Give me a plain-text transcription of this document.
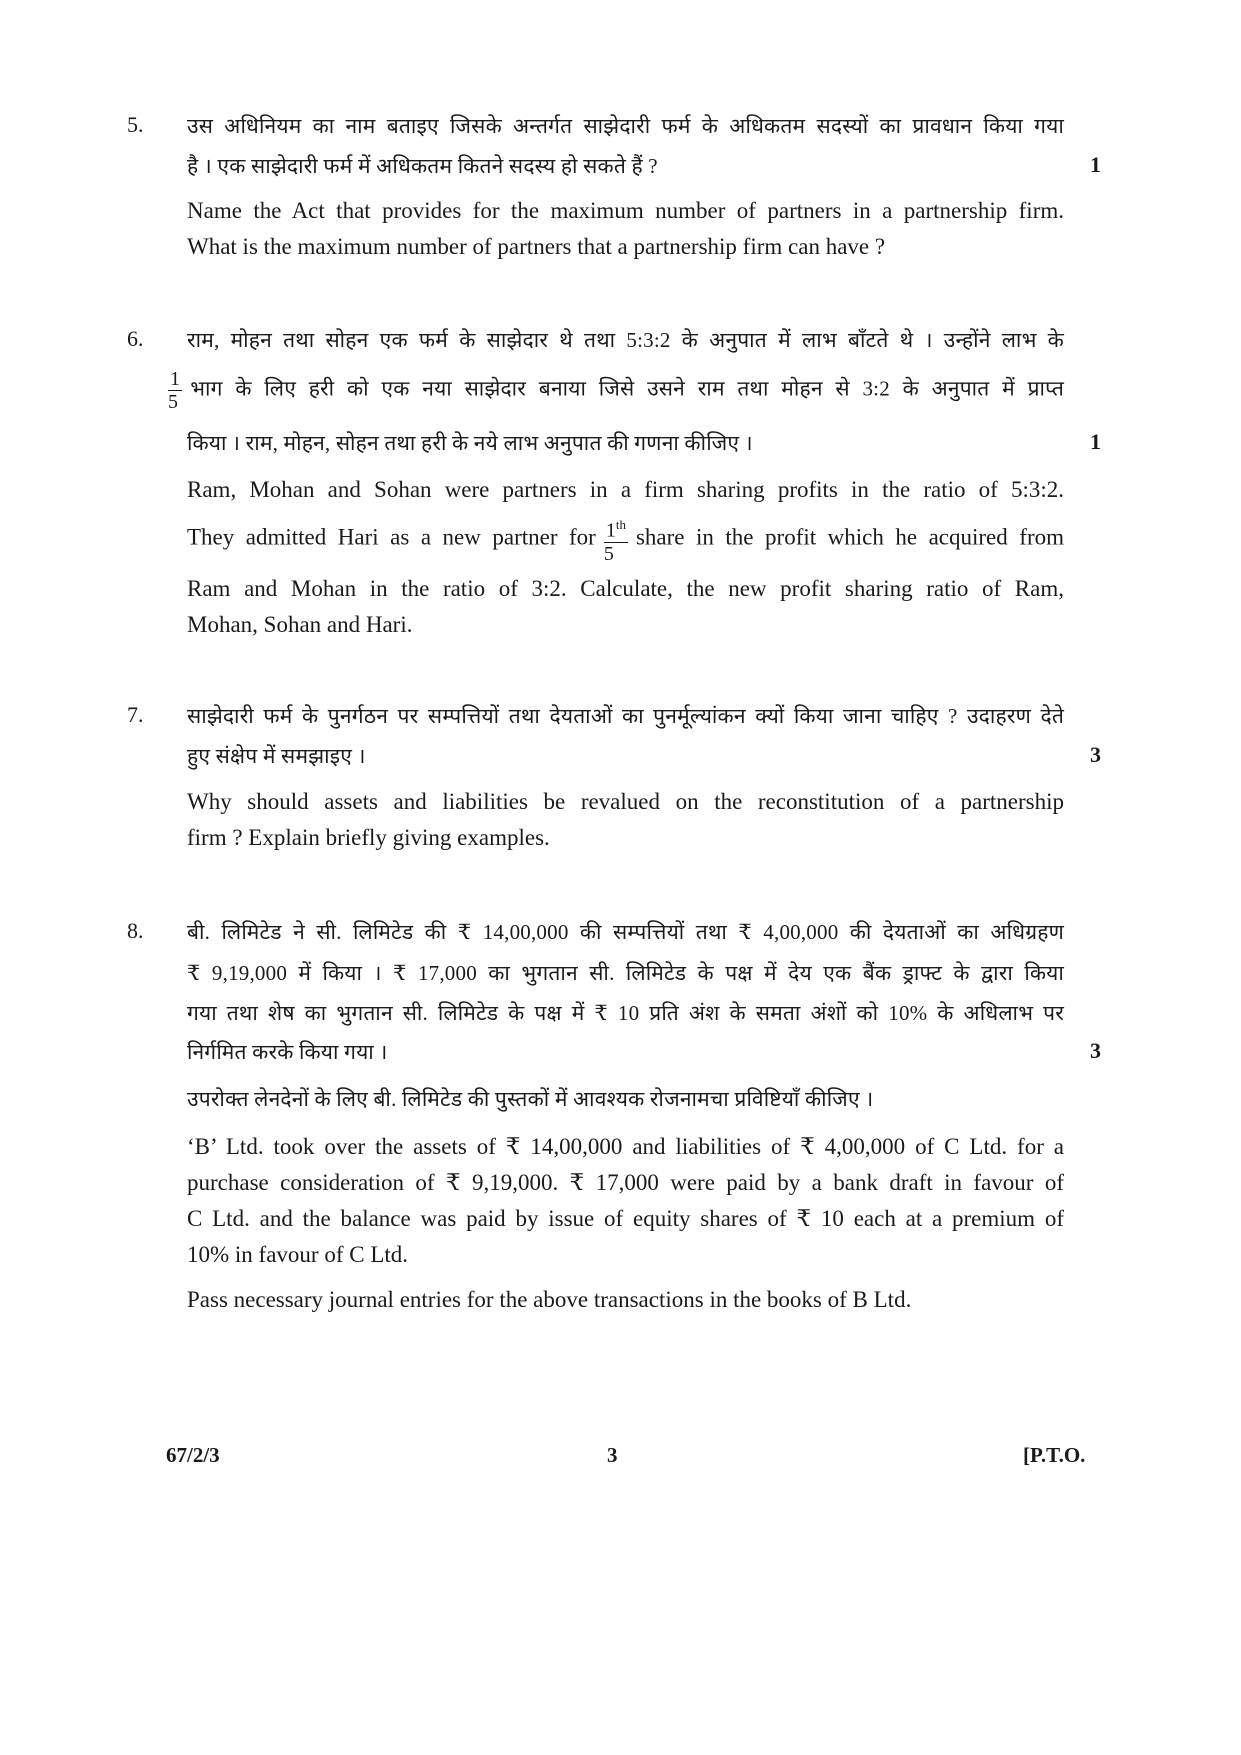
5. उस अधिनियम का नाम बताइए जिसके अन्तर्गत साझेदारी फर्म के अधिकतम सदस्यों का प्रावधान किया गया
है । एक साझेदारी फर्म में अधिकतम कितने सदस्य हो सकते हैं ?	1
Name the Act that provides for the maximum number of partners in a partnership firm.
What is the maximum number of partners that a partnership firm can have ?
6. राम, मोहन तथा सोहन एक फर्म के साझेदार थे तथा 5:3:2 के अनुपात में लाभ बाँटते थे । उन्होंने लाभ के
$\frac{1}{5}$ भाग के लिए हरी को एक नया साझेदार बनाया जिसे उसने राम तथा मोहन से 3:2 के अनुपात में प्राप्त
किया । राम, मोहन, सोहन तथा हरी के नये लाभ अनुपात की गणना कीजिए ।	1
Ram, Mohan and Sohan were partners in a firm sharing profits in the ratio of 5:3:2.
They admitted Hari as a new partner for $\frac{1^{th}}{5}$ share in the profit which he acquired from
Ram and Mohan in the ratio of 3:2. Calculate, the new profit sharing ratio of Ram,
Mohan, Sohan and Hari.
7. साझेदारी फर्म के पुनर्गठन पर सम्पत्तियों तथा देयताओं का पुनर्मूल्यांकन क्यों किया जाना चाहिए ? उदाहरण देते
हुए संक्षेप में समझाइए ।	3
Why should assets and liabilities be revalued on the reconstitution of a partnership
firm ? Explain briefly giving examples.
8. बी. लिमिटेड ने सी. लिमिटेड की ₹ 14,00,000 की सम्पत्तियों तथा ₹ 4,00,000 की देयताओं का अधिग्रहण
₹ 9,19,000 में किया । ₹ 17,000 का भुगतान सी. लिमिटेड के पक्ष में देय एक बैंक ड्राफ्ट के द्वारा किया
गया तथा शेष का भुगतान सी. लिमिटेड के पक्ष में ₹ 10 प्रति अंश के समता अंशों को 10% के अधिलाभ पर
निर्गमित करके किया गया ।	3
उपरोक्त लेनदेनों के लिए बी. लिमिटेड की पुस्तकों में आवश्यक रोजनामचा प्रविष्टियाँ कीजिए ।
‘B’ Ltd. took over the assets of ₹ 14,00,000 and liabilities of ₹ 4,00,000 of C Ltd. for a
purchase consideration of ₹ 9,19,000. ₹ 17,000 were paid by a bank draft in favour of
C Ltd. and the balance was paid by issue of equity shares of ₹ 10 each at a premium of
10% in favour of C Ltd.
Pass necessary journal entries for the above transactions in the books of B Ltd.
67/2/3	3	[P.T.O.
